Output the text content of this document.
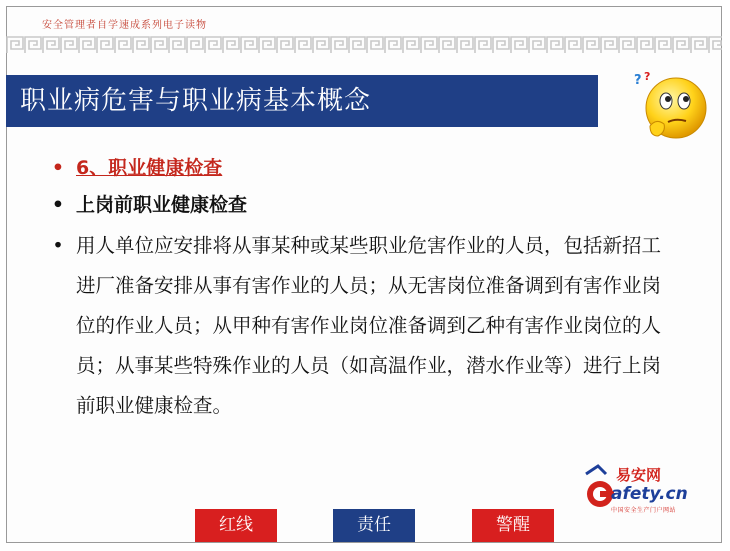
安全管理者自学速成系列电子读物
职业病危害与职业病基本概念
? ?
• 6、职业健康检查
• 上岗前职业健康检查
• 用人单位应安排将从事某种或某些职业危害作业的人员，包括新招工进厂准备安排从事有害作业的人员；从无害岗位准备调到有害作业岗位的作业人员；从甲种有害作业岗位准备调到乙种有害作业岗位的人员；从事某些特殊作业的人员（如高温作业，潜水作业等）进行上岗前职业健康检查。
易安网
afety.cn
中国安全生产门户网站
红线	责任	警醒
